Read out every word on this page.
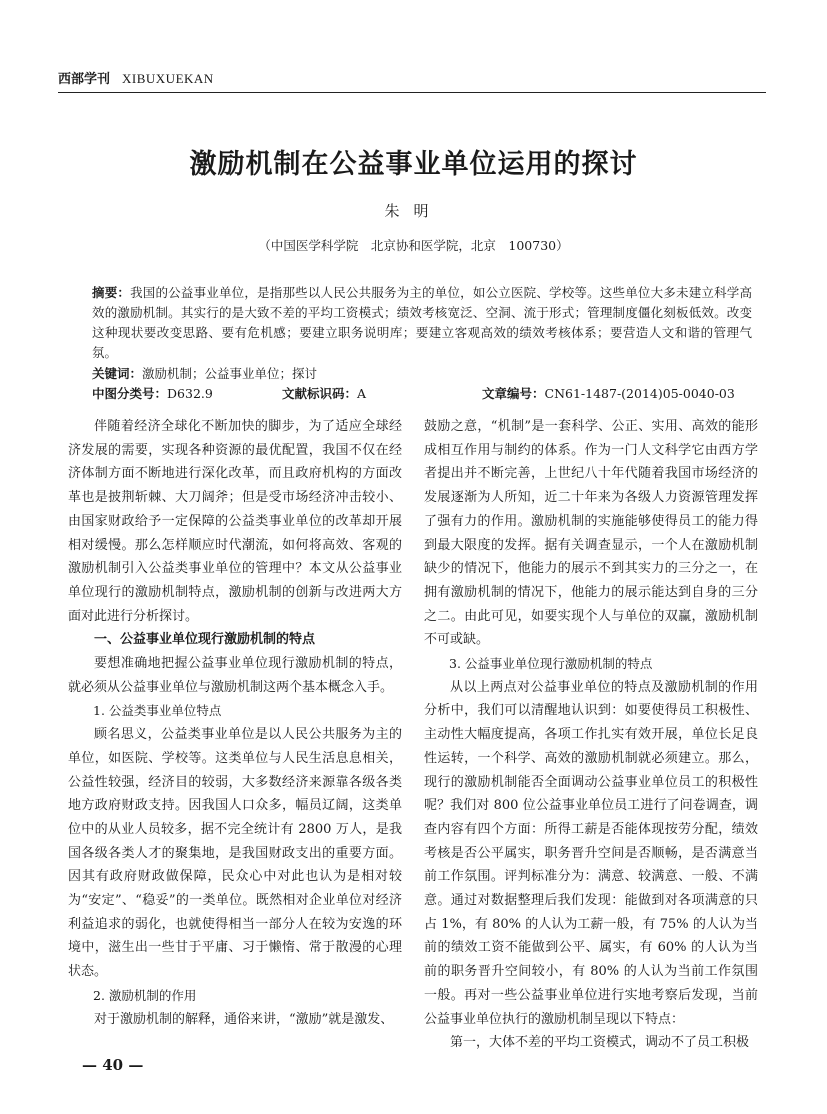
西部学刊 XIBUXUEKAN
激励机制在公益事业单位运用的探讨
朱明
（中国医学科学院　北京协和医学院，北京　100730）
摘要：我国的公益事业单位，是指那些以人民公共服务为主的单位，如公立医院、学校等。这些单位大多未建立科学高效的激励机制。其实行的是大致不差的平均工资模式；绩效考核宽泛、空洞、流于形式；管理制度僵化刻板低效。改变这种现状要改变思路、要有危机感；要建立职务说明库；要建立客观高效的绩效考核体系；要营造人文和谐的管理气氛。
关键词：激励机制；公益事业单位；探讨
中图分类号：D632.9	文献标识码：A	文章编号：CN61-1487-(2014)05-0040-03

伴随着经济全球化不断加快的脚步，为了适应全球经济发展的需要，实现各种资源的最优配置，我国不仅在经济体制方面不断地进行深化改革，而且政府机构的方面改革也是披荆斩棘、大刀阔斧；但是受市场经济冲击较小、由国家财政给予一定保障的公益类事业单位的改革却开展相对缓慢。那么怎样顺应时代潮流，如何将高效、客观的激励机制引入公益类事业单位的管理中？本文从公益事业单位现行的激励机制特点，激励机制的创新与改进两大方面对此进行分析探讨。

一、公益事业单位现行激励机制的特点

要想准确地把握公益事业单位现行激励机制的特点，就必须从公益事业单位与激励机制这两个基本概念入手。

1. 公益类事业单位特点

顾名思义，公益类事业单位是以人民公共服务为主的单位，如医院、学校等。这类单位与人民生活息息相关，公益性较强，经济目的较弱，大多数经济来源靠各级各类地方政府财政支持。因我国人口众多，幅员辽阔，这类单位中的从业人员较多，据不完全统计有 2800 万人，是我国各级各类人才的聚集地，是我国财政支出的重要方面。因其有政府财政做保障，民众心中对此也认为是相对较为“安定”、“稳妥”的一类单位。既然相对企业单位对经济利益追求的弱化，也就使得相当一部分人在较为安逸的环境中，滋生出一些甘于平庸、习于懒惰、常于散漫的心理状态。

2. 激励机制的作用

对于激励机制的解释，通俗来讲，“激励”就是激发、

鼓励之意，“机制”是一套科学、公正、实用、高效的能形成相互作用与制约的体系。作为一门人文科学它由西方学者提出并不断完善，上世纪八十年代随着我国市场经济的发展逐渐为人所知，近二十年来为各级人力资源管理发挥了强有力的作用。激励机制的实施能够使得员工的能力得到最大限度的发挥。据有关调查显示，一个人在激励机制缺少的情况下，他能力的展示不到其实力的三分之一，在拥有激励机制的情况下，他能力的展示能达到自身的三分之二。由此可见，如要实现个人与单位的双赢，激励机制不可或缺。

3. 公益事业单位现行激励机制的特点

从以上两点对公益事业单位的特点及激励机制的作用分析中，我们可以清醒地认识到：如要使得员工积极性、主动性大幅度提高，各项工作扎实有效开展，单位长足良性运转，一个科学、高效的激励机制就必须建立。那么，现行的激励机制能否全面调动公益事业单位员工的积极性呢？我们对 800 位公益事业单位员工进行了问卷调查，调查内容有四个方面：所得工薪是否能体现按劳分配，绩效考核是否公平属实，职务晋升空间是否顺畅，是否满意当前工作氛围。评判标准分为：满意、较满意、一般、不满意。通过对数据整理后我们发现：能做到对各项满意的只占 1%，有 80% 的人认为工薪一般，有 75% 的人认为当前的绩效工资不能做到公平、属实，有 60% 的人认为当前的职务晋升空间较小，有 80% 的人认为当前工作氛围一般。再对一些公益事业单位进行实地考察后发现，当前公益事业单位执行的激励机制呈现以下特点：

第一，大体不差的平均工资模式，调动不了员工积极

— 40 —
